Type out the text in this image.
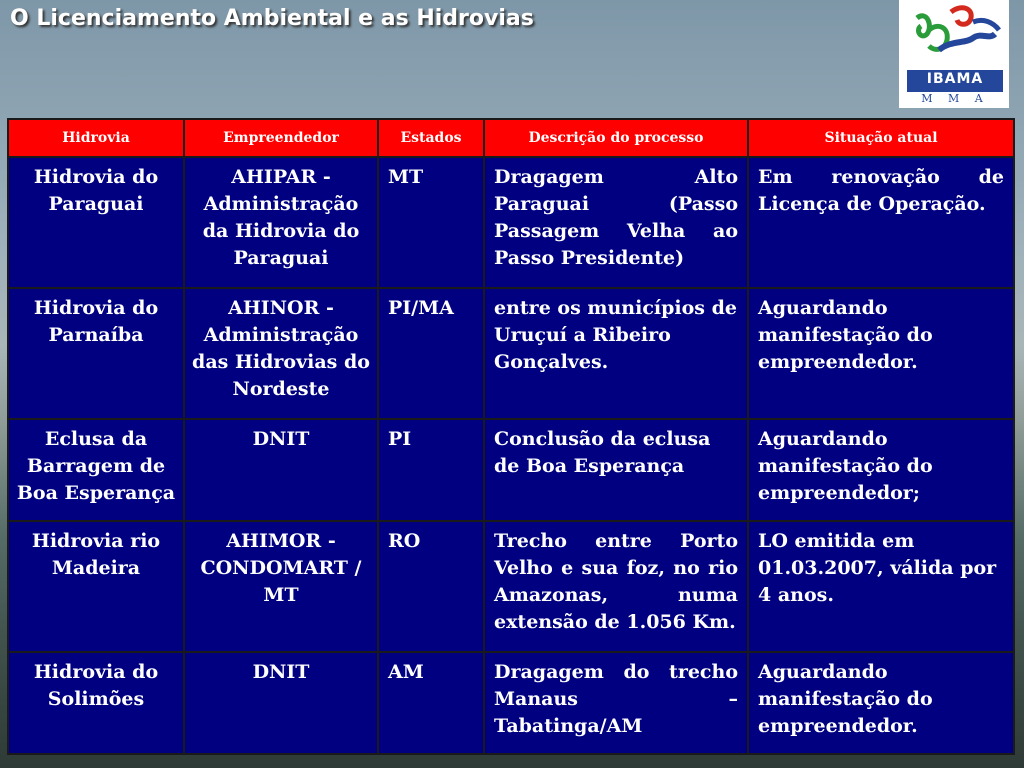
O Licenciamento Ambiental e as Hidrovias
IBAMA
M M A
Hidrovia	Empreendedor	Estados	Descrição do processo	Situação atual
Hidrovia do Paraguai	AHIPAR - Administração da Hidrovia do Paraguai	MT	Dragagem Alto Paraguai (Passo Passagem Velha ao Passo Presidente)	Em renovação de Licença de Operação.
Hidrovia do Parnaíba	AHINOR - Administração das Hidrovias do Nordeste	PI/MA	entre os municípios de Uruçuí a Ribeiro Gonçalves.	Aguardando manifestação do empreendedor.
Eclusa da Barragem de Boa Esperança	DNIT	PI	Conclusão da eclusa de Boa Esperança	Aguardando manifestação do empreendedor;
Hidrovia rio Madeira	AHIMOR - CONDOMART / MT	RO	Trecho entre Porto Velho e sua foz, no rio Amazonas, numa extensão de 1.056 Km.	LO emitida em 01.03.2007, válida por 4 anos.
Hidrovia do Solimões	DNIT	AM	Dragagem do trecho Manaus – Tabatinga/AM	Aguardando manifestação do empreendedor.
